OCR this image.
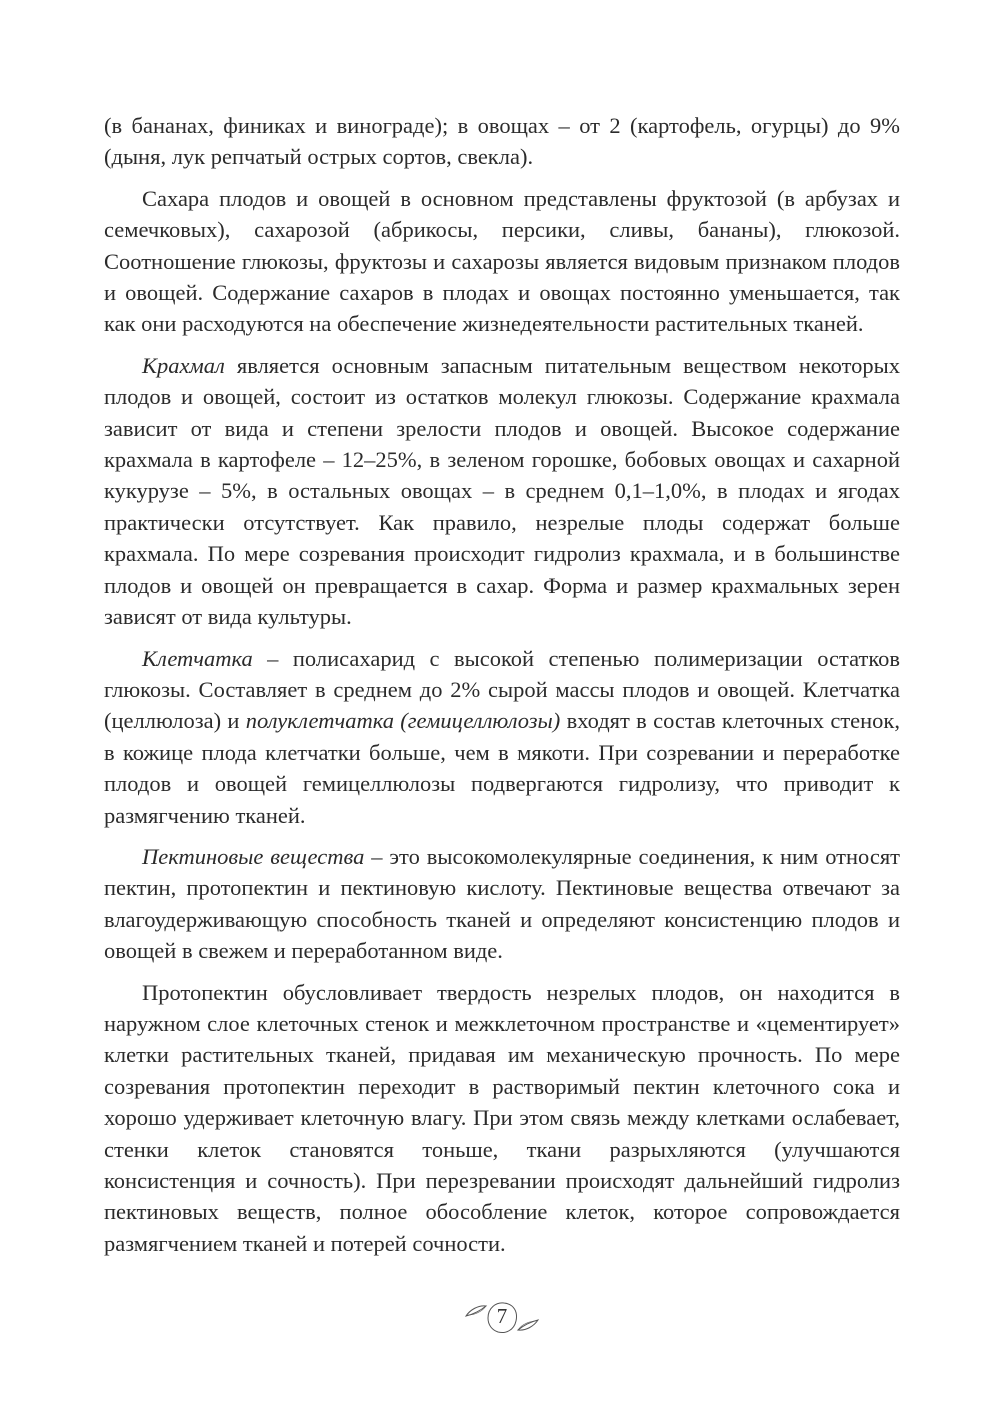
(в бананах, финиках и винограде); в овощах – от 2 (картофель, огурцы) до 9% (дыня, лук репчатый острых сортов, свекла).

Сахара плодов и овощей в основном представлены фруктозой (в арбузах и семечковых), сахарозой (абрикосы, персики, сливы, бананы), глюкозой. Соотношение глюкозы, фруктозы и сахарозы является видовым признаком плодов и овощей. Содержание сахаров в плодах и овощах постоянно уменьшается, так как они расходуются на обеспечение жизнедеятельности растительных тканей.

Крахмал является основным запасным питательным веществом некоторых плодов и овощей, состоит из остатков молекул глюкозы. Содержание крахмала зависит от вида и степени зрелости плодов и овощей. Высокое содержание крахмала в картофеле – 12–25%, в зеленом горошке, бобовых овощах и сахарной кукурузе – 5%, в остальных овощах – в среднем 0,1–1,0%, в плодах и ягодах практически отсутствует. Как правило, незрелые плоды содержат больше крахмала. По мере созревания происходит гидролиз крахмала, и в большинстве плодов и овощей он превращается в сахар. Форма и размер крахмальных зерен зависят от вида культуры.

Клетчатка – полисахарид с высокой степенью полимеризации остатков глюкозы. Составляет в среднем до 2% сырой массы плодов и овощей. Клетчатка (целлюлоза) и полуклетчатка (гемицеллюлозы) входят в состав клеточных стенок, в кожице плода клетчатки больше, чем в мякоти. При созревании и переработке плодов и овощей гемицеллюлозы подвергаются гидролизу, что приводит к размягчению тканей.

Пектиновые вещества – это высокомолекулярные соединения, к ним относят пектин, протопектин и пектиновую кислоту. Пектиновые вещества отвечают за влагоудерживающую способность тканей и определяют консистенцию плодов и овощей в свежем и переработанном виде.

Протопектин обусловливает твердость незрелых плодов, он находится в наружном слое клеточных стенок и межклеточном пространстве и «цементирует» клетки растительных тканей, придавая им механическую прочность. По мере созревания протопектин переходит в растворимый пектин клеточного сока и хорошо удерживает клеточную влагу. При этом связь между клетками ослабевает, стенки клеток становятся тоньше, ткани разрыхляются (улучшаются консистенция и сочность). При перезревании происходят дальнейший гидролиз пектиновых веществ, полное обособление клеток, которое сопровождается размягчением тканей и потерей сочности.

7
